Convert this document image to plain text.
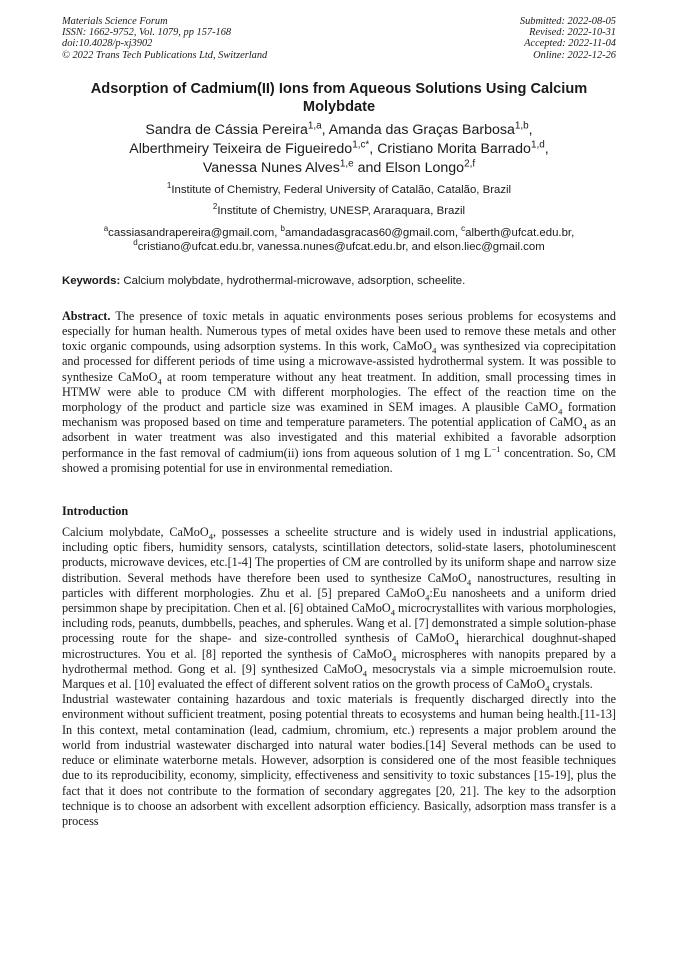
Materials Science Forum
ISSN: 1662-9752, Vol. 1079, pp 157-168
doi:10.4028/p-xj3902
© 2022 Trans Tech Publications Ltd, Switzerland
Submitted: 2022-08-05
Revised: 2022-10-31
Accepted: 2022-11-04
Online: 2022-12-26
Adsorption of Cadmium(II) Ions from Aqueous Solutions Using Calcium
Molybdate
Sandra de Cássia Pereira$^{1,a}$, Amanda das Graças Barbosa$^{1,b}$,
Alberthmeiry Teixeira de Figueiredo$^{1,c*}$, Cristiano Morita Barrado$^{1,d}$,
Vanessa Nunes Alves$^{1,e}$ and Elson Longo$^{2,f}$
$^1$Institute of Chemistry, Federal University of Catalão, Catalão, Brazil
$^2$Institute of Chemistry, UNESP, Araraquara, Brazil
$^a$cassiasandrapereira@gmail.com, $^b$amandadasgracas60@gmail.com, $^c$alberth@ufcat.edu.br,
$^d$cristiano@ufcat.edu.br, vanessa.nunes@ufcat.edu.br, and elson.liec@gmail.com
Keywords: Calcium molybdate, hydrothermal-microwave, adsorption, scheelite.
Abstract. The presence of toxic metals in aquatic environments poses serious problems for ecosystems and especially for human health. Numerous types of metal oxides have been used to remove these metals and other toxic organic compounds, using adsorption systems. In this work, CaMoO$_4$ was synthesized via coprecipitation and processed for different periods of time using a microwave-assisted hydrothermal system. It was possible to synthesize CaMoO$_4$ at room temperature without any heat treatment. In addition, small processing times in HTMW were able to produce CM with different morphologies. The effect of the reaction time on the morphology of the product and particle size was examined in SEM images. A plausible CaMO$_4$ formation mechanism was proposed based on time and temperature parameters. The potential application of CaMO$_4$ as an adsorbent in water treatment was also investigated and this material exhibited a favorable adsorption performance in the fast removal of cadmium(ii) ions from aqueous solution of 1 mg $L^{-1}$ concentration. So, CM showed a promising potential for use in environmental remediation.
Introduction

Calcium molybdate, CaMoO$_4$, possesses a scheelite structure and is widely used in industrial applications, including optic fibers, humidity sensors, catalysts, scintillation detectors, solid-state lasers, photoluminescent products, microwave devices, etc.[1-4] The properties of CM are controlled by its uniform shape and narrow size distribution. Several methods have therefore been used to synthesize CaMoO$_4$ nanostructures, resulting in particles with different morphologies. Zhu et al. [5] prepared CaMoO$_4$:Eu nanosheets and a uniform dried persimmon shape by precipitation. Chen et al. [6] obtained CaMoO$_4$ microcrystallites with various morphologies, including rods, peanuts, dumbbells, peaches, and spherules. Wang et al. [7] demonstrated a simple solution-phase processing route for the shape- and size-controlled synthesis of CaMoO$_4$ hierarchical doughnut-shaped microstructures. You et al. [8] reported the synthesis of CaMoO$_4$ microspheres with nanopits prepared by a hydrothermal method. Gong et al. [9] synthesized CaMoO$_4$ mesocrystals via a simple microemulsion route. Marques et al. [10] evaluated the effect of different solvent ratios on the growth process of CaMoO$_4$ crystals.

Industrial wastewater containing hazardous and toxic materials is frequently discharged directly into the environment without sufficient treatment, posing potential threats to ecosystems and human being health.[11-13] In this context, metal contamination (lead, cadmium, chromium, etc.) represents a major problem around the world from industrial wastewater discharged into natural water bodies.[14] Several methods can be used to reduce or eliminate waterborne metals. However, adsorption is considered one of the most feasible techniques due to its reproducibility, economy, simplicity, effectiveness and sensitivity to toxic substances [15-19], plus the fact that it does not contribute to the formation of secondary aggregates [20, 21]. The key to the adsorption technique is to choose an adsorbent with excellent adsorption efficiency. Basically, adsorption mass transfer is a process
